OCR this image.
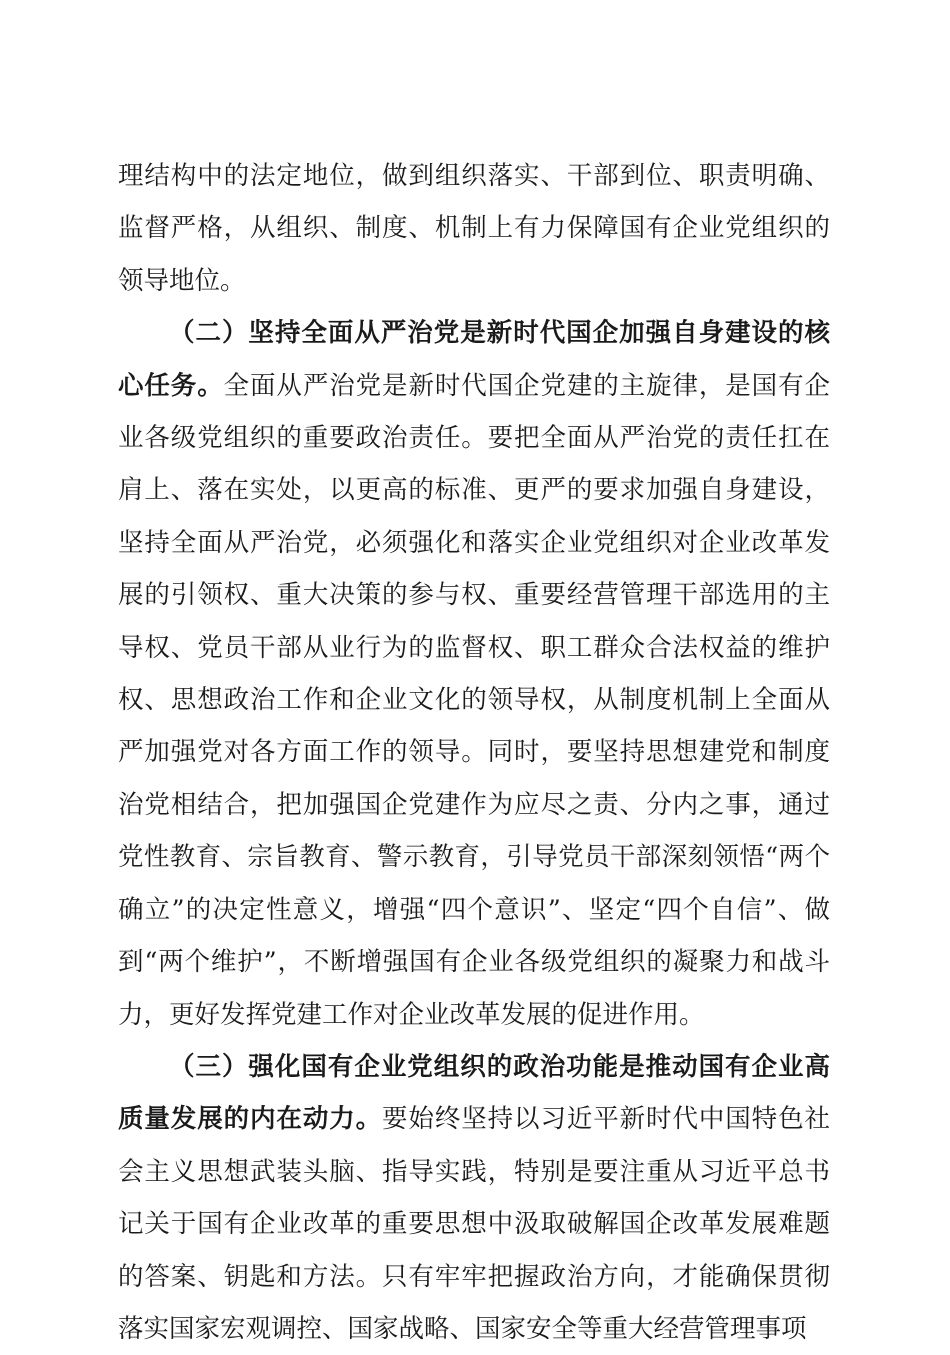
理结构中的法定地位，做到组织落实、干部到位、职责明确、监督严格，从组织、制度、机制上有力保障国有企业党组织的领导地位。

（二）坚持全面从严治党是新时代国企加强自身建设的核心任务。全面从严治党是新时代国企党建的主旋律，是国有企业各级党组织的重要政治责任。要把全面从严治党的责任扛在肩上、落在实处，以更高的标准、更严的要求加强自身建设，坚持全面从严治党，必须强化和落实企业党组织对企业改革发展的引领权、重大决策的参与权、重要经营管理干部选用的主导权、党员干部从业行为的监督权、职工群众合法权益的维护权、思想政治工作和企业文化的领导权，从制度机制上全面从严加强党对各方面工作的领导。同时，要坚持思想建党和制度治党相结合，把加强国企党建作为应尽之责、分内之事，通过党性教育、宗旨教育、警示教育，引导党员干部深刻领悟“两个确立”的决定性意义，增强“四个意识”、坚定“四个自信”、做到“两个维护”，不断增强国有企业各级党组织的凝聚力和战斗力，更好发挥党建工作对企业改革发展的促进作用。

（三）强化国有企业党组织的政治功能是推动国有企业高质量发展的内在动力。要始终坚持以习近平新时代中国特色社会主义思想武装头脑、指导实践，特别是要注重从习近平总书记关于国有企业改革的重要思想中汲取破解国企改革发展难题的答案、钥匙和方法。只有牢牢把握政治方向，才能确保贯彻落实国家宏观调控、国家战略、国家安全等重大经营管理事项
